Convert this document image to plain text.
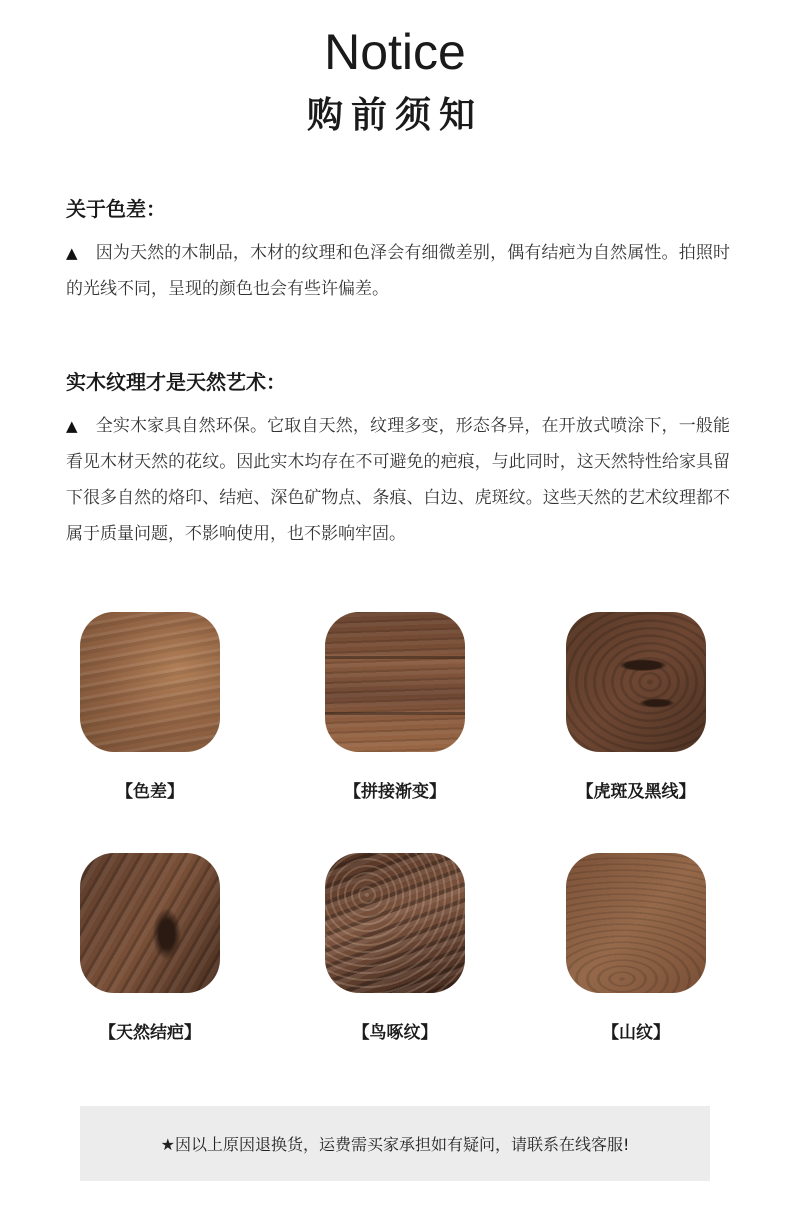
Notice
购前须知
关于色差：

▲ 因为天然的木制品，木材的纹理和色泽会有细微差别，偶有结疤为自然属性。拍照时的光线不同，呈现的颜色也会有些许偏差。

实木纹理才是天然艺术：

▲ 全实木家具自然环保。它取自天然，纹理多变，形态各异，在开放式喷涂下，一般能看见木材天然的花纹。因此实木均存在不可避免的疤痕，与此同时，这天然特性给家具留下很多自然的烙印、结疤、深色矿物点、条痕、白边、虎斑纹。这些天然的艺术纹理都不属于质量问题，不影响使用，也不影响牢固。

【色差】	【拼接渐变】	【虎斑及黑线】
【天然结疤】	【鸟啄纹】	【山纹】
★因以上原因退换货，运费需买家承担如有疑问，请联系在线客服!
